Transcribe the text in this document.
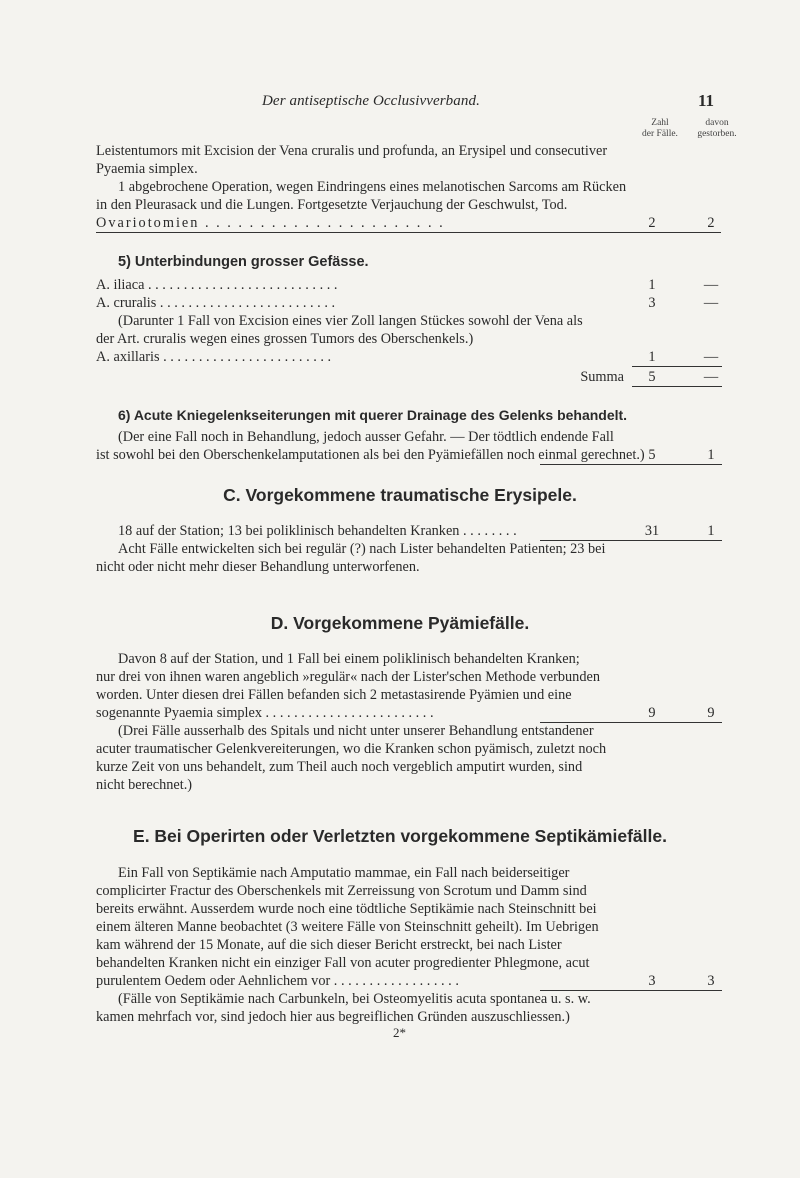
Der antiseptische Occlusivverband.	11
Zahl
der Fälle.
davon
gestorben.
Leistentumors mit Excision der Vena cruralis und profunda, an Erysipel und consecutiver
Pyaemia simplex.
1 abgebrochene Operation, wegen Eindringens eines melanotischen Sarcoms am Rücken
in den Pleurasack und die Lungen. Fortgesetzte Verjauchung der Geschwulst, Tod.
Ovariotomien . . . . . . . . . . . . . . . . . . . . . .	2	2
5) Unterbindungen grosser Gefässe.
A. iliaca . . . . . . . . . . . . . . . . . . . . . . . . . . .	1	—
A. cruralis . . . . . . . . . . . . . . . . . . . . . . . . .	3	—
(Darunter 1 Fall von Excision eines vier Zoll langen Stückes sowohl der Vena als
der Art. cruralis wegen eines grossen Tumors des Oberschenkels.)
A. axillaris . . . . . . . . . . . . . . . . . . . . . . . .	1	—
Summa	5	—
6) Acute Kniegelenkseiterungen mit querer Drainage des Gelenks behandelt.
(Der eine Fall noch in Behandlung, jedoch ausser Gefahr. — Der tödtlich endende Fall
ist sowohl bei den Oberschenkelamputationen als bei den Pyämiefällen noch einmal gerechnet.) 5	1
C. Vorgekommene traumatische Erysipele.
18 auf der Station; 13 bei poliklinisch behandelten Kranken . . . . . . . .	31	1
Acht Fälle entwickelten sich bei regulär (?) nach Lister behandelten Patienten; 23 bei
nicht oder nicht mehr dieser Behandlung unterworfenen.
D. Vorgekommene Pyämiefälle.
Davon 8 auf der Station, und 1 Fall bei einem poliklinisch behandelten Kranken;
nur drei von ihnen waren angeblich »regulär« nach der Lister'schen Methode verbunden
worden. Unter diesen drei Fällen befanden sich 2 metastasirende Pyämien und eine
sogenannte Pyaemia simplex . . . . . . . . . . . . . . . . . . . . . . . .	9	9
(Drei Fälle ausserhalb des Spitals und nicht unter unserer Behandlung entstandener
acuter traumatischer Gelenkvereiterungen, wo die Kranken schon pyämisch, zuletzt noch
kurze Zeit von uns behandelt, zum Theil auch noch vergeblich amputirt wurden, sind
nicht berechnet.)
E. Bei Operirten oder Verletzten vorgekommene Septikämiefälle.
Ein Fall von Septikämie nach Amputatio mammae, ein Fall nach beiderseitiger
complicirter Fractur des Oberschenkels mit Zerreissung von Scrotum und Damm sind
bereits erwähnt. Ausserdem wurde noch eine tödtliche Septikämie nach Steinschnitt bei
einem älteren Manne beobachtet (3 weitere Fälle von Steinschnitt geheilt). Im Uebrigen
kam während der 15 Monate, auf die sich dieser Bericht erstreckt, bei nach Lister
behandelten Kranken nicht ein einziger Fall von acuter progredienter Phlegmone, acut
purulentem Oedem oder Aehnlichem vor . . . . . . . . . . . . . . . . . .	3	3
(Fälle von Septikämie nach Carbunkeln, bei Osteomyelitis acuta spontanea u. s. w.
kamen mehrfach vor, sind jedoch hier aus begreiflichen Gründen auszuschliessen.)
2*
